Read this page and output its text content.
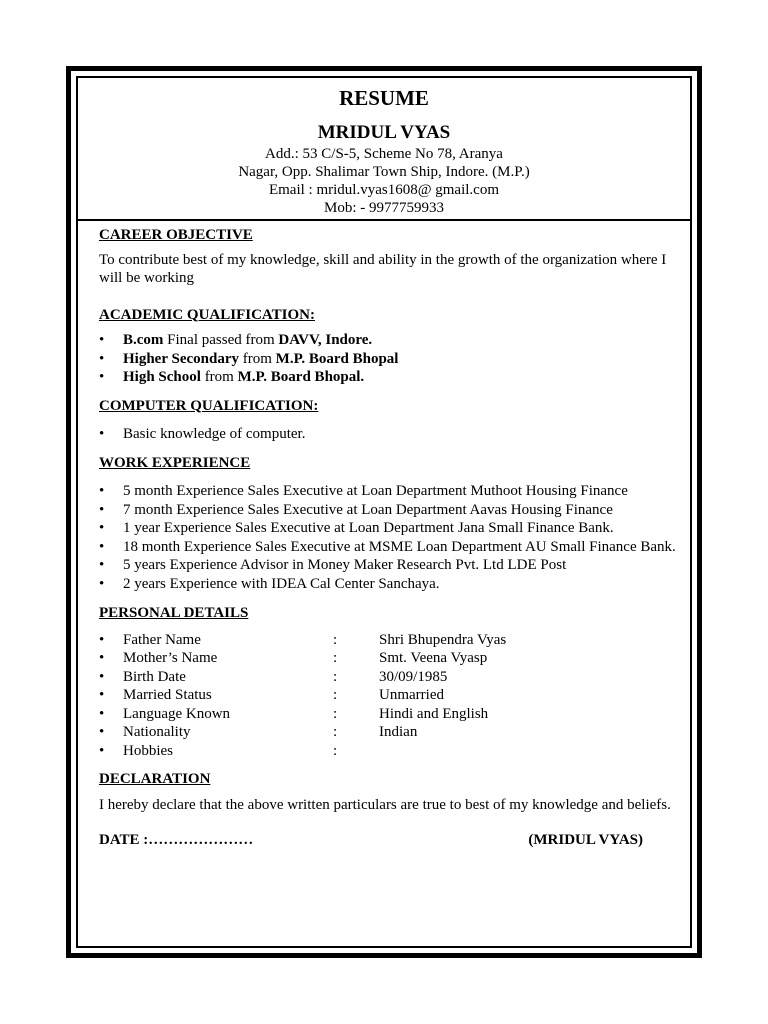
RESUME
MRIDUL VYAS
Add.: 53 C/S-5, Scheme No 78, Aranya
Nagar, Opp. Shalimar Town Ship, Indore. (M.P.)
Email : mridul.vyas1608@ gmail.com
Mob: - 9977759933
CAREER OBJECTIVE

To contribute best of my knowledge, skill and ability in the growth of the organization where I will be working

ACADEMIC QUALIFICATION:
• B.com Final passed from DAVV, Indore.
• Higher Secondary from M.P. Board Bhopal
• High School from M.P. Board Bhopal.
COMPUTER QUALIFICATION:
• Basic knowledge of computer.
WORK EXPERIENCE
• 5 month Experience Sales Executive at Loan Department Muthoot Housing Finance
• 7 month Experience Sales Executive at Loan Department Aavas Housing Finance
• 1 year Experience Sales Executive at Loan Department Jana Small Finance Bank.
• 18 month Experience Sales Executive at MSME Loan Department AU Small Finance Bank.
• 5 years Experience Advisor in Money Maker Research Pvt. Ltd LDE Post
• 2 years Experience with IDEA Cal Center Sanchaya.
PERSONAL DETAILS
• Father Name	:	Shri Bhupendra Vyas
• Mother’s Name	:	Smt. Veena Vyasp
• Birth Date	:	30/09/1985
• Married Status	:	Unmarried
• Language Known	:	Hindi and English
• Nationality	:	Indian
• Hobbies	:
DECLARATION

I hereby declare that the above written particulars are true to best of my knowledge and beliefs.

DATE :…………………	(MRIDUL VYAS)
